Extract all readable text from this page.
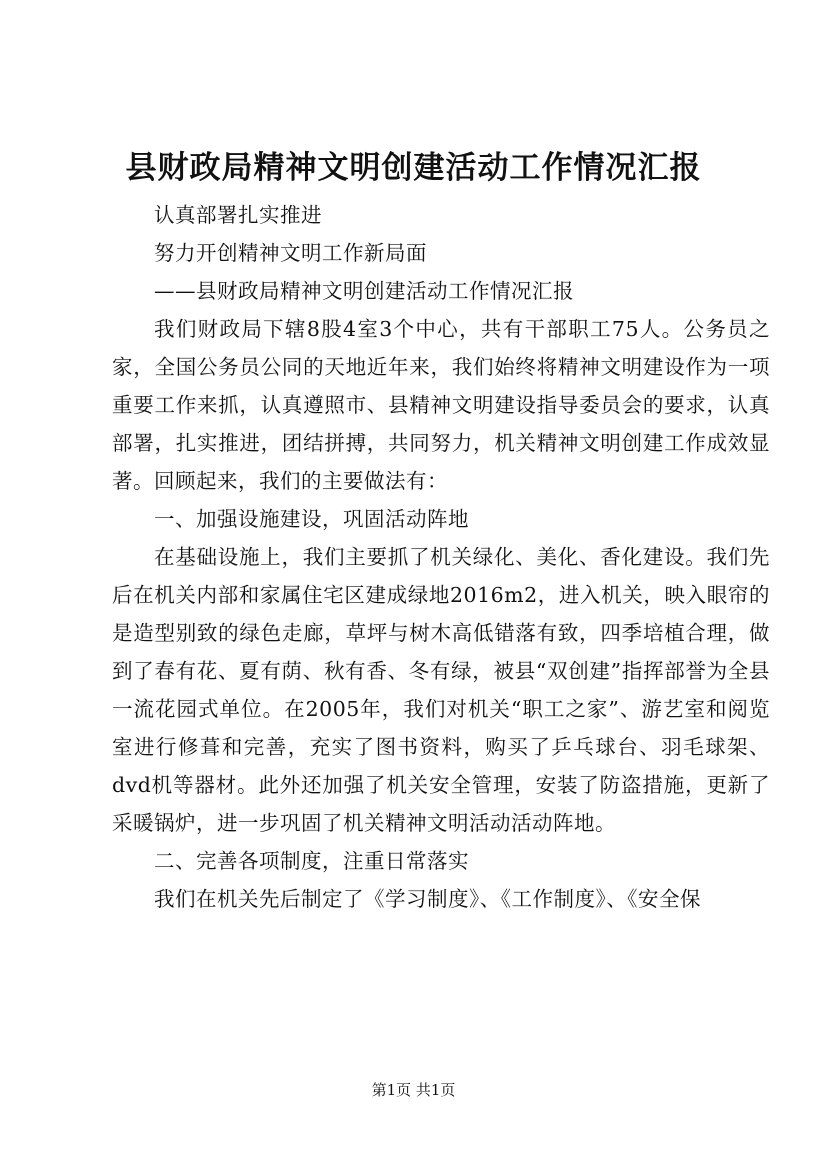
县财政局精神文明创建活动工作情况汇报

认真部署扎实推进

努力开创精神文明工作新局面

——县财政局精神文明创建活动工作情况汇报

我们财政局下辖8股4室3个中心，共有干部职工75人。公务员之家，全国公务员公同的天地近年来，我们始终将精神文明建设作为一项重要工作来抓，认真遵照市、县精神文明建设指导委员会的要求，认真部署，扎实推进，团结拼搏，共同努力，机关精神文明创建工作成效显著。回顾起来，我们的主要做法有：

一、加强设施建设，巩固活动阵地

在基础设施上，我们主要抓了机关绿化、美化、香化建设。我们先后在机关内部和家属住宅区建成绿地2016m2，进入机关，映入眼帘的是造型别致的绿色走廊，草坪与树木高低错落有致，四季培植合理，做到了春有花、夏有荫、秋有香、冬有绿，被县“双创建”指挥部誉为全县一流花园式单位。在2005年，我们对机关“职工之家”、游艺室和阅览室进行修葺和完善，充实了图书资料，购买了乒乓球台、羽毛球架、dvd机等器材。此外还加强了机关安全管理，安装了防盗措施，更新了采暖锅炉，进一步巩固了机关精神文明活动活动阵地。

二、完善各项制度，注重日常落实

我们在机关先后制定了《学习制度》、《工作制度》、《安全保

第1页 共1页
